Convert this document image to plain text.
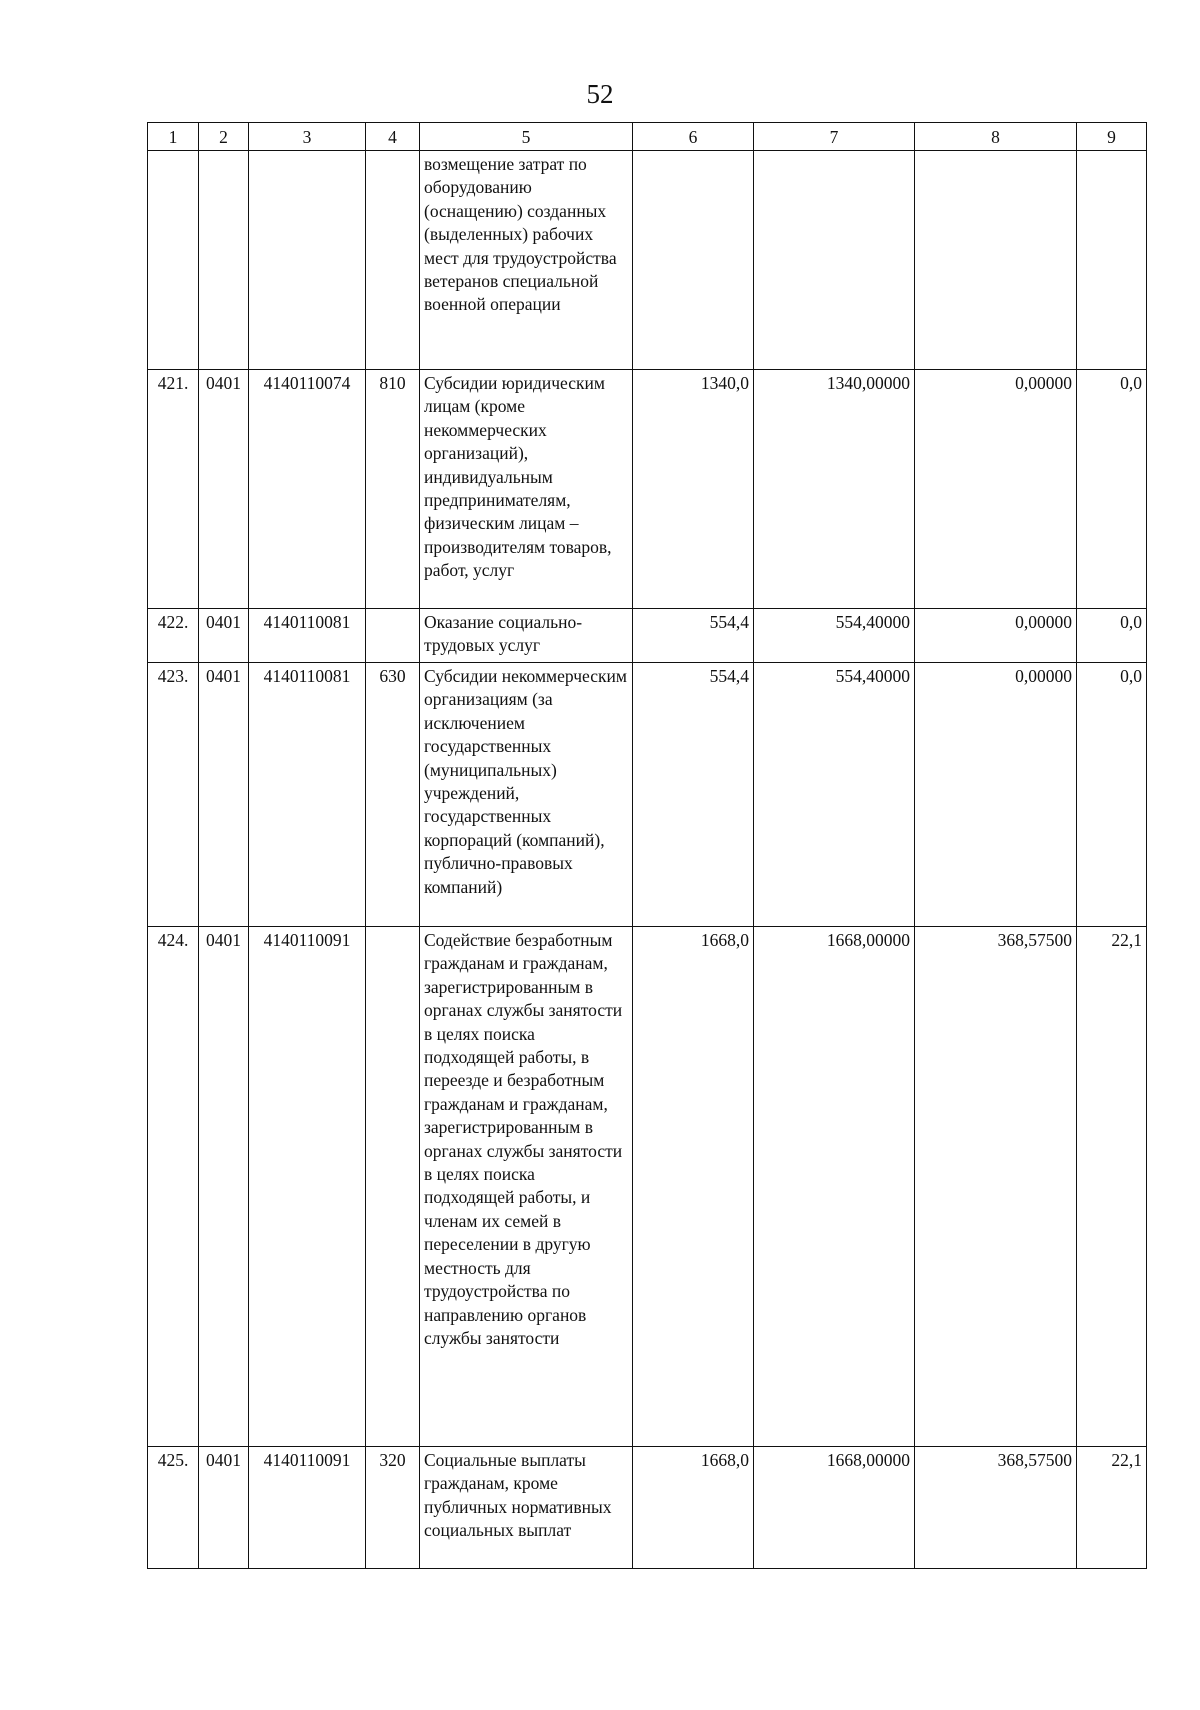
52
1	2	3	4	5	6	7	8	9
				возмещение затрат по оборудованию (оснащению) созданных (выделенных) рабочих мест для трудоустройства ветеранов специальной военной операции				
421.	0401	4140110074	810	Субсидии юридическим лицам (кроме некоммерческих организаций), индивидуальным предпринимателям, физическим лицам – производителям товаров, работ, услуг	1340,0	1340,00000	0,00000	0,0
422.	0401	4140110081		Оказание социально-трудовых услуг	554,4	554,40000	0,00000	0,0
423.	0401	4140110081	630	Субсидии некоммерческим организациям (за исключением государственных (муниципальных) учреждений, государственных корпораций (компаний), публично-правовых компаний)	554,4	554,40000	0,00000	0,0
424.	0401	4140110091		Содействие безработным гражданам и гражданам, зарегистрированным в органах службы занятости в целях поиска подходящей работы, в переезде и безработным гражданам и гражданам, зарегистрированным в органах службы занятости в целях поиска подходящей работы, и членам их семей в переселении в другую местность для трудоустройства по направлению органов службы занятости	1668,0	1668,00000	368,57500	22,1
425.	0401	4140110091	320	Социальные выплаты гражданам, кроме публичных нормативных социальных выплат	1668,0	1668,00000	368,57500	22,1
